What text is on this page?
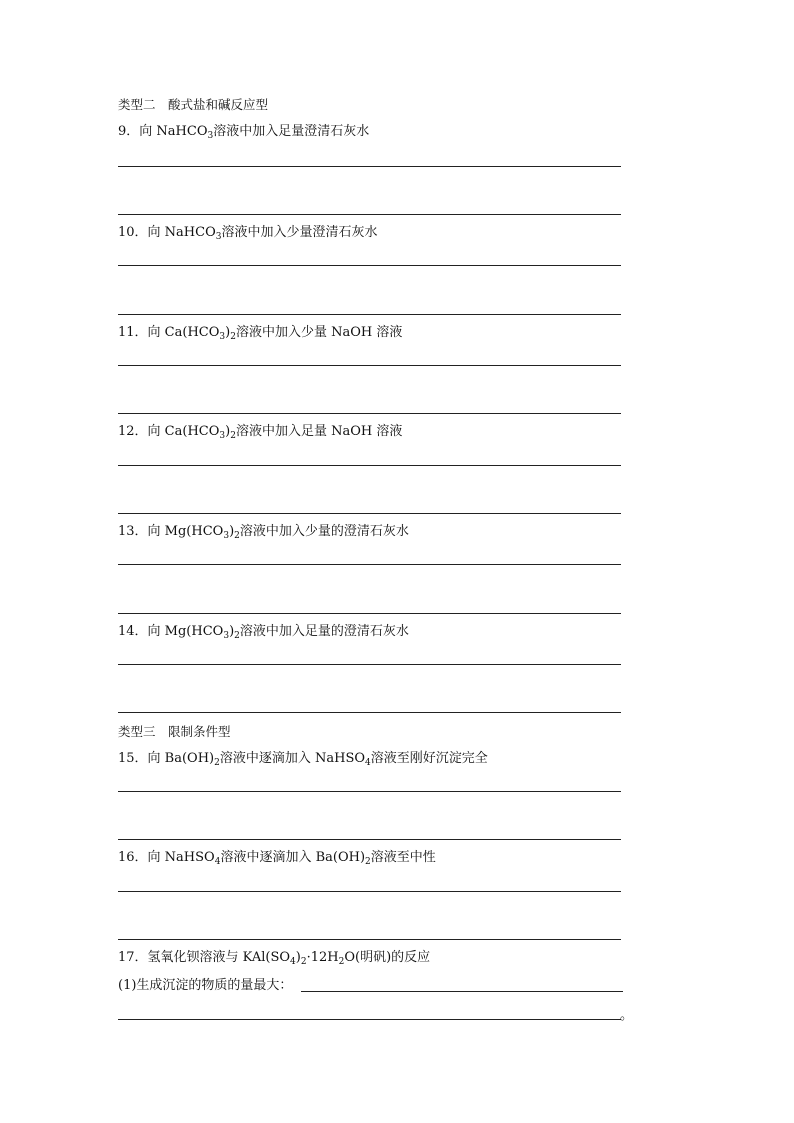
类型二　酸式盐和碱反应型
9．向 NaHCO$_3$溶液中加入足量澄清石灰水
10．向 NaHCO$_3$溶液中加入少量澄清石灰水
11．向 $Ca(HCO_3)_2$溶液中加入少量 NaOH 溶液
12．向 $Ca(HCO_3)_2$溶液中加入足量 NaOH 溶液
13．向 $Mg(HCO_3)_2$溶液中加入少量的澄清石灰水
14．向 $Mg(HCO_3)_2$溶液中加入足量的澄清石灰水
类型三　限制条件型
15．向 $Ba(OH)_2$溶液中逐滴加入 NaHSO$_4$溶液至刚好沉淀完全
16．向 NaHSO$_4$溶液中逐滴加入 $Ba(OH)_2$溶液至中性
17．氢氧化钡溶液与 $KAl(SO_4)_2\cdot 12H_2O$(明矾)的反应
(1)生成沉淀的物质的量最大：
。
